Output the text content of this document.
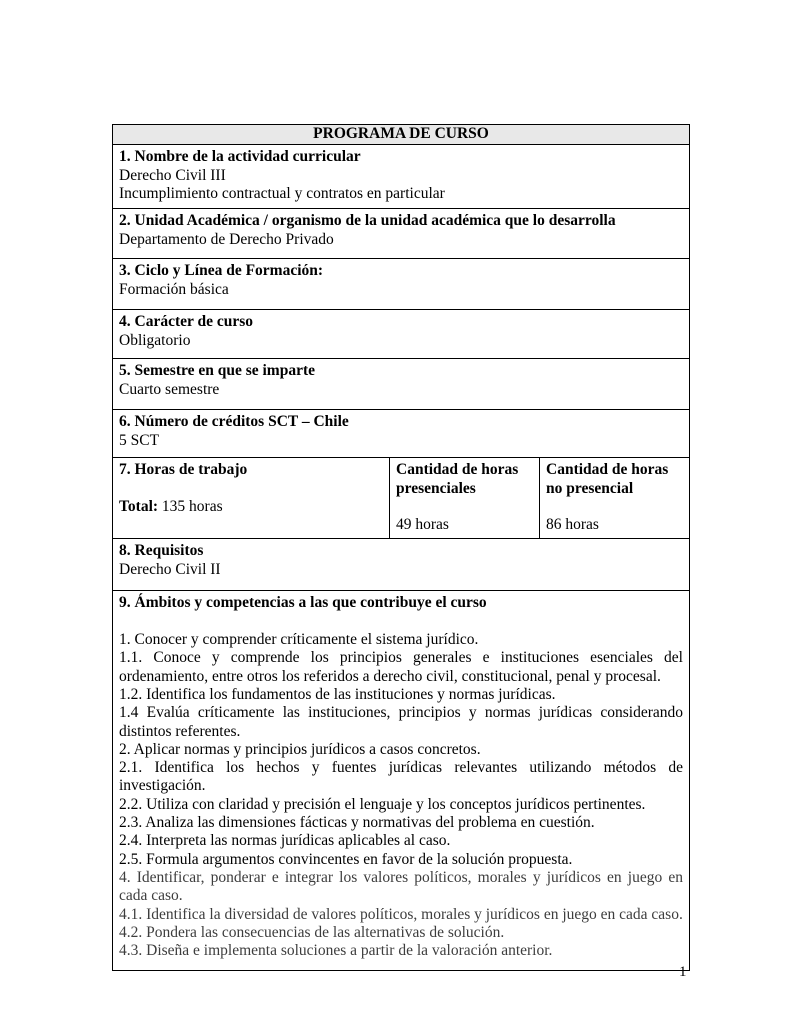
PROGRAMA DE CURSO
1. Nombre de la actividad curricular
Derecho Civil III
Incumplimiento contractual y contratos en particular
2. Unidad Académica / organismo de la unidad académica que lo desarrolla
Departamento de Derecho Privado
3. Ciclo y Línea de Formación:
Formación básica
4. Carácter de curso
Obligatorio
5. Semestre en que se imparte
Cuarto semestre
6. Número de créditos SCT – Chile
5 SCT
7. Horas de trabajo
Total: 135 horas
Cantidad de horas presenciales
49 horas
Cantidad de horas no presencial
86 horas
8. Requisitos
Derecho Civil II
9. Ámbitos y competencias a las que contribuye el curso
1. Conocer y comprender críticamente el sistema jurídico.
1.1. Conoce y comprende los principios generales e instituciones esenciales del ordenamiento, entre otros los referidos a derecho civil, constitucional, penal y procesal.
1.2. Identifica los fundamentos de las instituciones y normas jurídicas.
1.4 Evalúa críticamente las instituciones, principios y normas jurídicas considerando distintos referentes.
2. Aplicar normas y principios jurídicos a casos concretos.
2.1. Identifica los hechos y fuentes jurídicas relevantes utilizando métodos de investigación.
2.2. Utiliza con claridad y precisión el lenguaje y los conceptos jurídicos pertinentes.
2.3. Analiza las dimensiones fácticas y normativas del problema en cuestión.
2.4. Interpreta las normas jurídicas aplicables al caso.
2.5. Formula argumentos convincentes en favor de la solución propuesta.
4. Identificar, ponderar e integrar los valores políticos, morales y jurídicos en juego en cada caso.
4.1. Identifica la diversidad de valores políticos, morales y jurídicos en juego en cada caso.
4.2. Pondera las consecuencias de las alternativas de solución.
4.3. Diseña e implementa soluciones a partir de la valoración anterior.
1
